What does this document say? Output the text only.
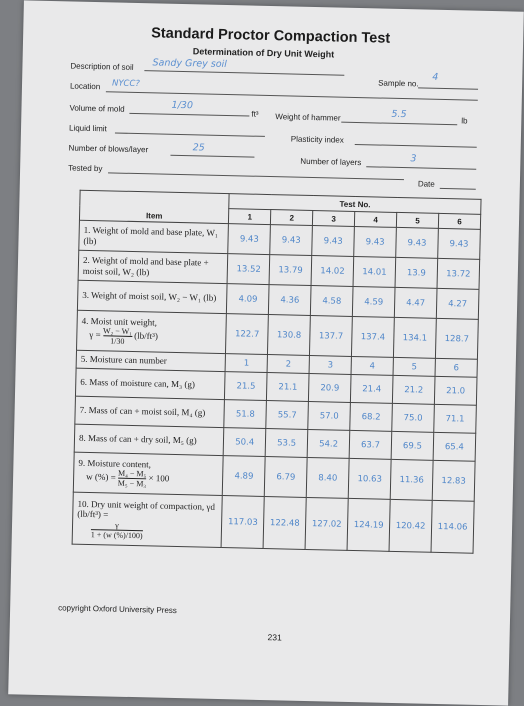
Standard Proctor Compaction Test
Determination of Dry Unit Weight
Description of soil Sandy Grey soil
Sample no.
4
Location NYCC?
Volume of mold	1/30
ft³ Weight of hammer	5.5
lb
Liquid limit
Plasticity index
Number of blows/layer	25
Number of layers	3
Tested by
Date
Item	Test No.					
	1	2	3	4	5	6
1. Weight of mold and base plate, W₁ (lb)	9.43	9.43	9.43	9.43	9.43	9.43
2. Weight of mold and base plate + moist soil, W₂ (lb)	13.52	13.79	14.02	14.01	13.9	13.72
3. Weight of moist soil, W₂ − W₁ (lb)	4.09	4.36	4.58	4.59	4.47	4.27

4. Moist unit weight,
$\gamma = \frac{\text{W₂ − W₁}}{1/30} (lb/ft^3)$	122.7	130.8	137.7	137.4	134.1	128.7
5. Moisture can number	1	2	3	4	5	6
6. Mass of moisture can, M₃ (g)	21.5	21.1	20.9	21.4	21.2	21.0
7. Mass of can + moist soil, M₄ (g)	51.8	55.7	57.0	68.2	75.0	71.1
8. Mass of can + dry soil, M₅ (g)	50.4	53.5	54.2	63.7	69.5	65.4

9. Moisture content,
w (%) = $\frac{\text{M₄ − M₅}}{\text{M₅ − M₃}} \times 100$	4.89	6.79	8.40	10.63	11.36	12.83

10. Dry unit weight of compaction, γd (lb/ft³) =
$\frac{\gamma}{1 + (w (\%)/100)}$	117.03	122.48	127.02	124.19	120.42	114.06
copyright Oxford University Press
231
